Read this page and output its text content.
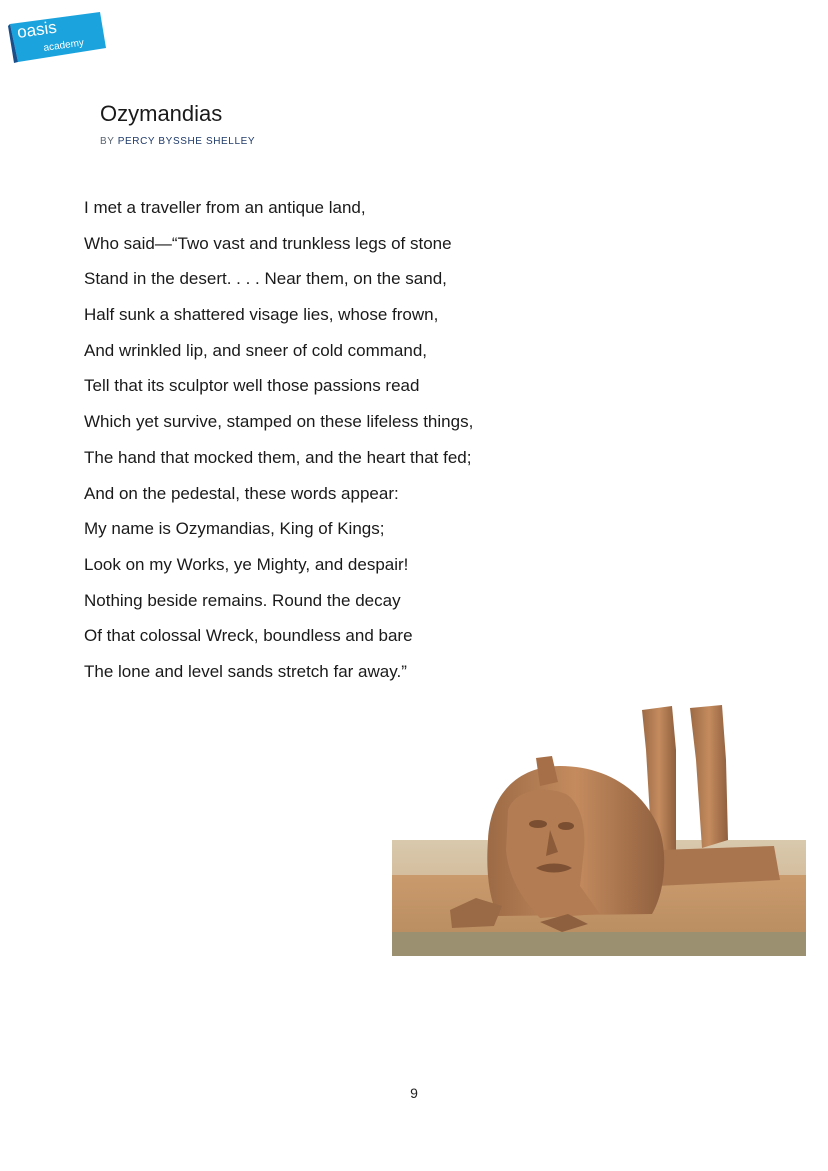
oasis
academy
south bank
Ozymandias
BY PERCY BYSSHE SHELLEY
I met a traveller from an antique land,
Who said—“Two vast and trunkless legs of stone
Stand in the desert. . . . Near them, on the sand,
Half sunk a shattered visage lies, whose frown,
And wrinkled lip, and sneer of cold command,
Tell that its sculptor well those passions read
Which yet survive, stamped on these lifeless things,
The hand that mocked them, and the heart that fed;
And on the pedestal, these words appear:
My name is Ozymandias, King of Kings;
Look on my Works, ye Mighty, and despair!
Nothing beside remains. Round the decay
Of that colossal Wreck, boundless and bare
The lone and level sands stretch far away.”
9
